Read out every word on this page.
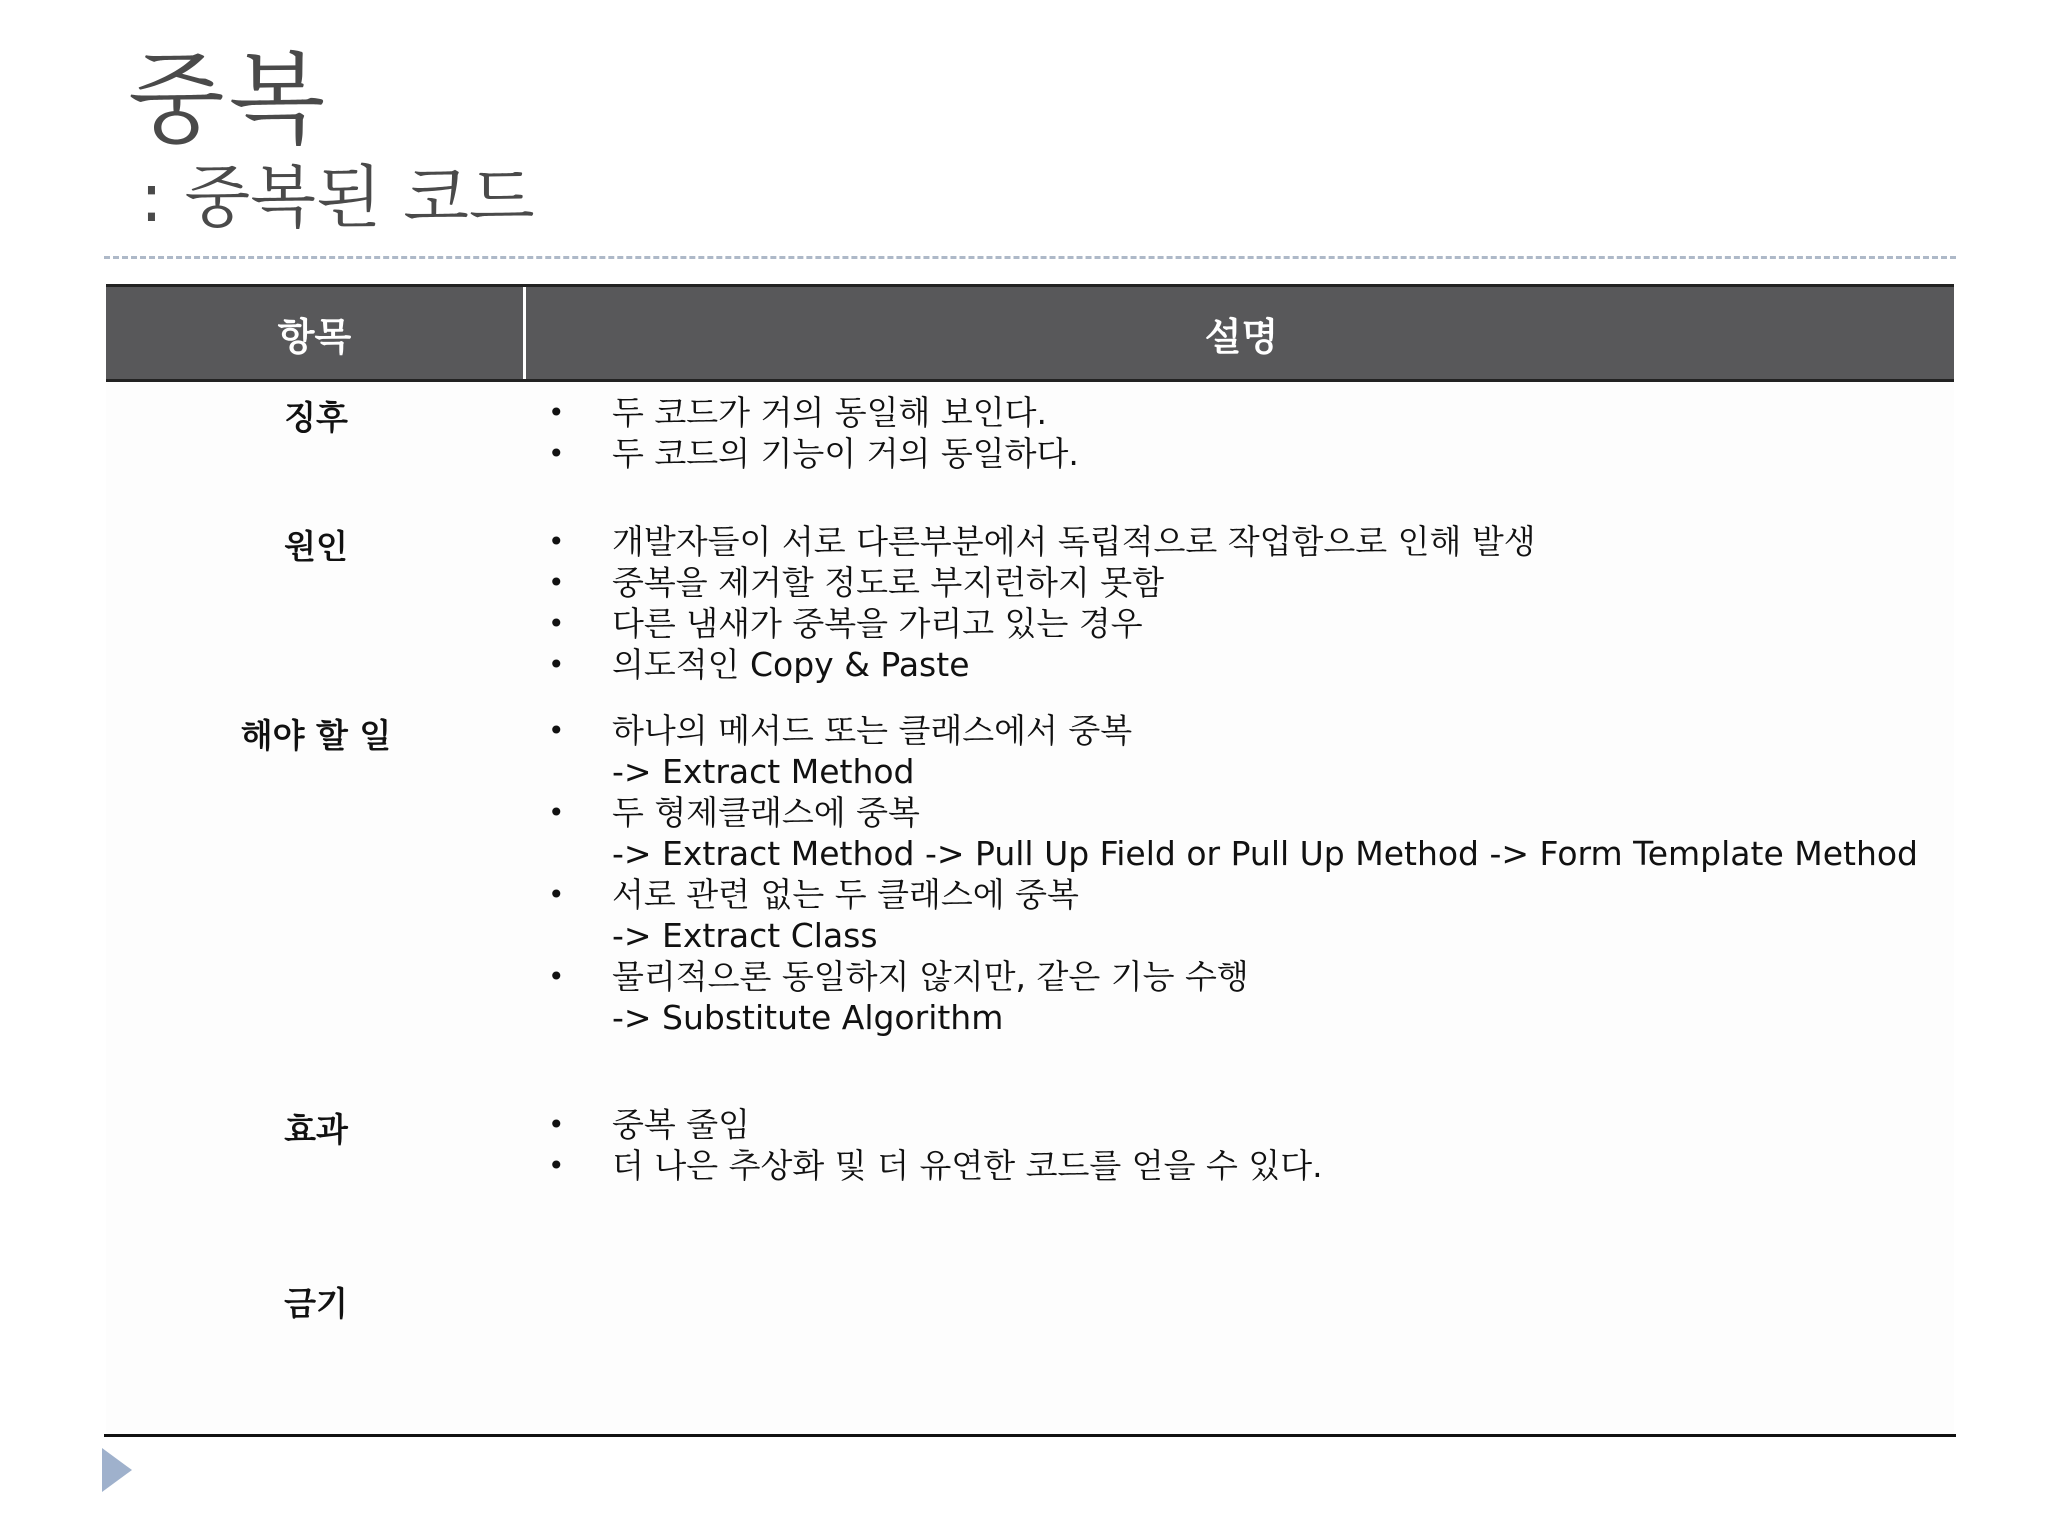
중복
: 중복된 코드
항목	설명
징후	• 두 코드가 거의 동일해 보인다.
• 두 코드의 기능이 거의 동일하다.
원인	• 개발자들이 서로 다른부분에서 독립적으로 작업함으로 인해 발생
• 중복을 제거할 정도로 부지런하지 못함
• 다른 냄새가 중복을 가리고 있는 경우
• 의도적인 Copy & Paste
해야 할 일	• 하나의 메서드 또는 클래스에서 중복
-> Extract Method
• 두 형제클래스에 중복
-> Extract Method -> Pull Up Field or Pull Up Method -> Form Template Method
• 서로 관련 없는 두 클래스에 중복
-> Extract Class
• 물리적으론 동일하지 않지만, 같은 기능 수행
-> Substitute Algorithm
효과	• 중복 줄임
• 더 나은 추상화 및 더 유연한 코드를 얻을 수 있다.
금기
